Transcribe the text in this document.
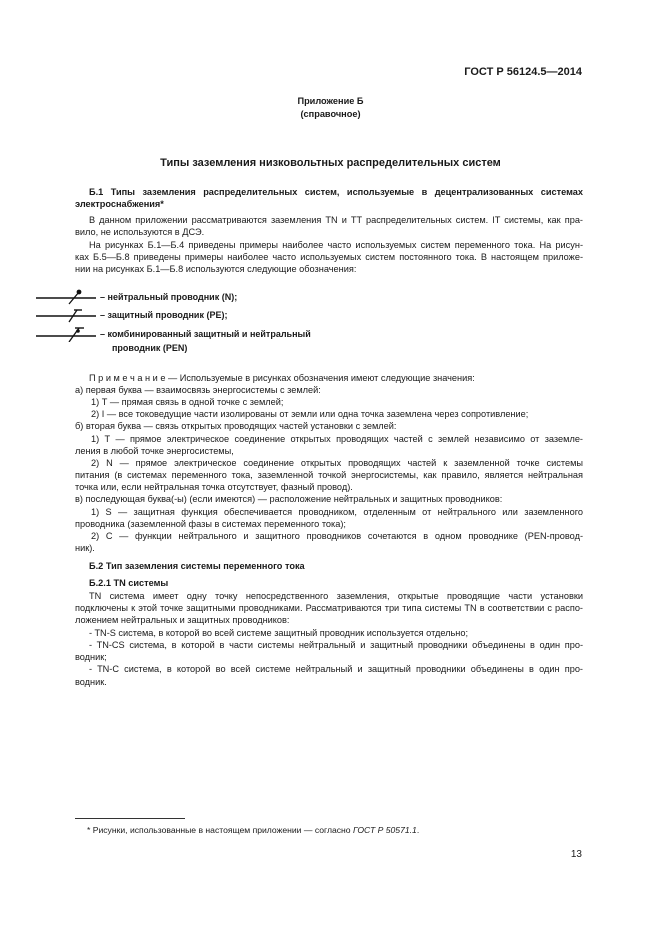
ГОСТ Р 56124.5—2014
Приложение Б
(справочное)
Типы заземления низковольтных распределительных систем

Б.1 Типы заземления распределительных систем, используемые в децентрализованных системах

электроснабжения*

В данном приложении рассматриваются заземления TN и TT распределительных систем. IT системы, как пра-

вило, не используются в ДСЭ.

На рисунках Б.1—Б.4 приведены примеры наиболее часто используемых систем переменного тока. На рисун-

ках Б.5—Б.8 приведены примеры наиболее часто используемых систем постоянного тока. В настоящем приложе-

нии на рисунках Б.1—Б.8 используются следующие обозначения:

– нейтральный проводник (N);
– защитный проводник (PE);
– комбинированный защитный и нейтральный
проводник (PEN)

П р и м е ч а н и е — Используемые в рисунках обозначения имеют следующие значения:

а) первая буква — взаимосвязь энергосистемы с землей:

1) Т — прямая связь в одной точке с землей;

2) I — все токоведущие части изолированы от земли или одна точка заземлена через сопротивление;

б) вторая буква — связь открытых проводящих частей установки с землей:

1) Т — прямое электрическое соединение открытых проводящих частей с землей независимо от заземле-

ления в любой точке энергосистемы,

2) N — прямое электрическое соединение открытых проводящих частей к заземленной точке системы

питания (в системах переменного тока, заземленной точкой энергосистемы, как правило, является нейтральная

точка или, если нейтральная точка отсутствует, фазный провод).

в) последующая буква(-ы) (если имеются) — расположение нейтральных и защитных проводников:

1) S — защитная функция обеспечивается проводником, отделенным от нейтрального или заземленного

проводника (заземленной фазы в системах переменного тока);

2) С — функции нейтрального и защитного проводников сочетаются в одном проводнике (PEN-провод-

ник).

Б.2 Тип заземления системы переменного тока

Б.2.1 TN системы

TN система имеет одну точку непосредственного заземления, открытые проводящие части установки

подключены к этой точке защитными проводниками. Рассматриваются три типа системы TN в соответствии с распо-

ложением нейтральных и защитных проводников:

- TN-S система, в которой во всей системе защитный проводник используется отдельно;

- TN-CS система, в которой в части системы нейтральный и защитный проводники объединены в один про-

водник;

- TN-C система, в которой во всей системе нейтральный и защитный проводники объединены в один про-

водник.

* Рисунки, использованные в настоящем приложении — согласно ГОСТ Р 50571.1.
13
